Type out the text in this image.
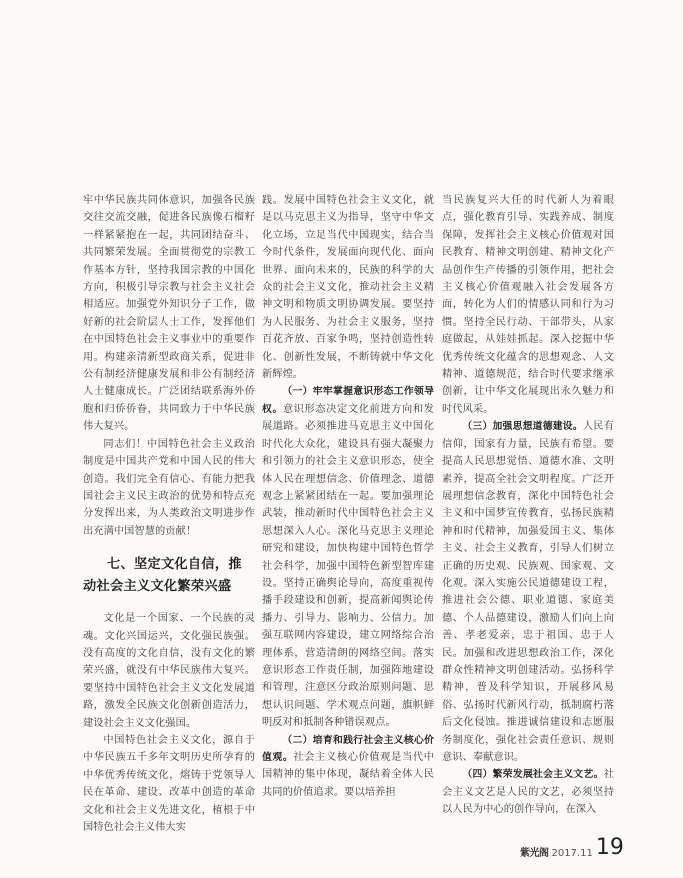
牢中华民族共同体意识，加强各民族交往交流交融，促进各民族像石榴籽一样紧紧抱在一起，共同团结奋斗、共同繁荣发展。全面贯彻党的宗教工作基本方针，坚持我国宗教的中国化方向，积极引导宗教与社会主义社会相适应。加强党外知识分子工作，做好新的社会阶层人士工作，发挥他们在中国特色社会主义事业中的重要作用。构建亲清新型政商关系，促进非公有制经济健康发展和非公有制经济人士健康成长。广泛团结联系海外侨胞和归侨侨眷，共同致力于中华民族伟大复兴。

同志们！中国特色社会主义政治制度是中国共产党和中国人民的伟大创造。我们完全有信心、有能力把我国社会主义民主政治的优势和特点充分发挥出来，为人类政治文明进步作出充满中国智慧的贡献！

七、坚定文化自信，推
动社会主义文化繁荣兴盛

文化是一个国家、一个民族的灵魂。文化兴国运兴，文化强民族强。没有高度的文化自信，没有文化的繁荣兴盛，就没有中华民族伟大复兴。要坚持中国特色社会主义文化发展道路，激发全民族文化创新创造活力，建设社会主义文化强国。

中国特色社会主义文化，源自于中华民族五千多年文明历史所孕育的中华优秀传统文化，熔铸于党领导人民在革命、建设、改革中创造的革命文化和社会主义先进文化，植根于中国特色社会主义伟大实

践。发展中国特色社会主义文化，就是以马克思主义为指导，坚守中华文化立场，立足当代中国现实，结合当今时代条件，发展面向现代化、面向世界、面向未来的，民族的科学的大众的社会主义文化，推动社会主义精神文明和物质文明协调发展。要坚持为人民服务、为社会主义服务，坚持百花齐放、百家争鸣，坚持创造性转化、创新性发展，不断铸就中华文化新辉煌。

（一）牢牢掌握意识形态工作领导权。意识形态决定文化前进方向和发展道路。必须推进马克思主义中国化时代化大众化，建设具有强大凝聚力和引领力的社会主义意识形态，使全体人民在理想信念、价值理念、道德观念上紧紧团结在一起。要加强理论武装，推动新时代中国特色社会主义思想深入人心。深化马克思主义理论研究和建设，加快构建中国特色哲学社会科学，加强中国特色新型智库建设。坚持正确舆论导向，高度重视传播手段建设和创新，提高新闻舆论传播力、引导力、影响力、公信力。加强互联网内容建设，建立网络综合治理体系，营造清朗的网络空间。落实意识形态工作责任制，加强阵地建设和管理，注意区分政治原则问题、思想认识问题、学术观点问题，旗帜鲜明反对和抵制各种错误观点。

（二）培育和践行社会主义核心价值观。社会主义核心价值观是当代中国精神的集中体现，凝结着全体人民共同的价值追求。要以培养担

当民族复兴大任的时代新人为着眼点，强化教育引导、实践养成、制度保障，发挥社会主义核心价值观对国民教育、精神文明创建、精神文化产品创作生产传播的引领作用，把社会主义核心价值观融入社会发展各方面，转化为人们的情感认同和行为习惯。坚持全民行动、干部带头，从家庭做起，从娃娃抓起。深入挖掘中华优秀传统文化蕴含的思想观念、人文精神、道德规范，结合时代要求继承创新，让中华文化展现出永久魅力和时代风采。

（三）加强思想道德建设。人民有信仰，国家有力量，民族有希望。要提高人民思想觉悟、道德水准、文明素养，提高全社会文明程度。广泛开展理想信念教育，深化中国特色社会主义和中国梦宣传教育，弘扬民族精神和时代精神，加强爱国主义、集体主义、社会主义教育，引导人们树立正确的历史观、民族观、国家观、文化观。深入实施公民道德建设工程，推进社会公德、职业道德、家庭美德、个人品德建设，激励人们向上向善、孝老爱亲，忠于祖国、忠于人民。加强和改进思想政治工作，深化群众性精神文明创建活动。弘扬科学精神，普及科学知识，开展移风易俗、弘扬时代新风行动，抵制腐朽落后文化侵蚀。推进诚信建设和志愿服务制度化，强化社会责任意识、规则意识、奉献意识。

（四）繁荣发展社会主义文艺。社会主义文艺是人民的文艺，必须坚持以人民为中心的创作导向，在深入

紫光阁 2017.11 19
